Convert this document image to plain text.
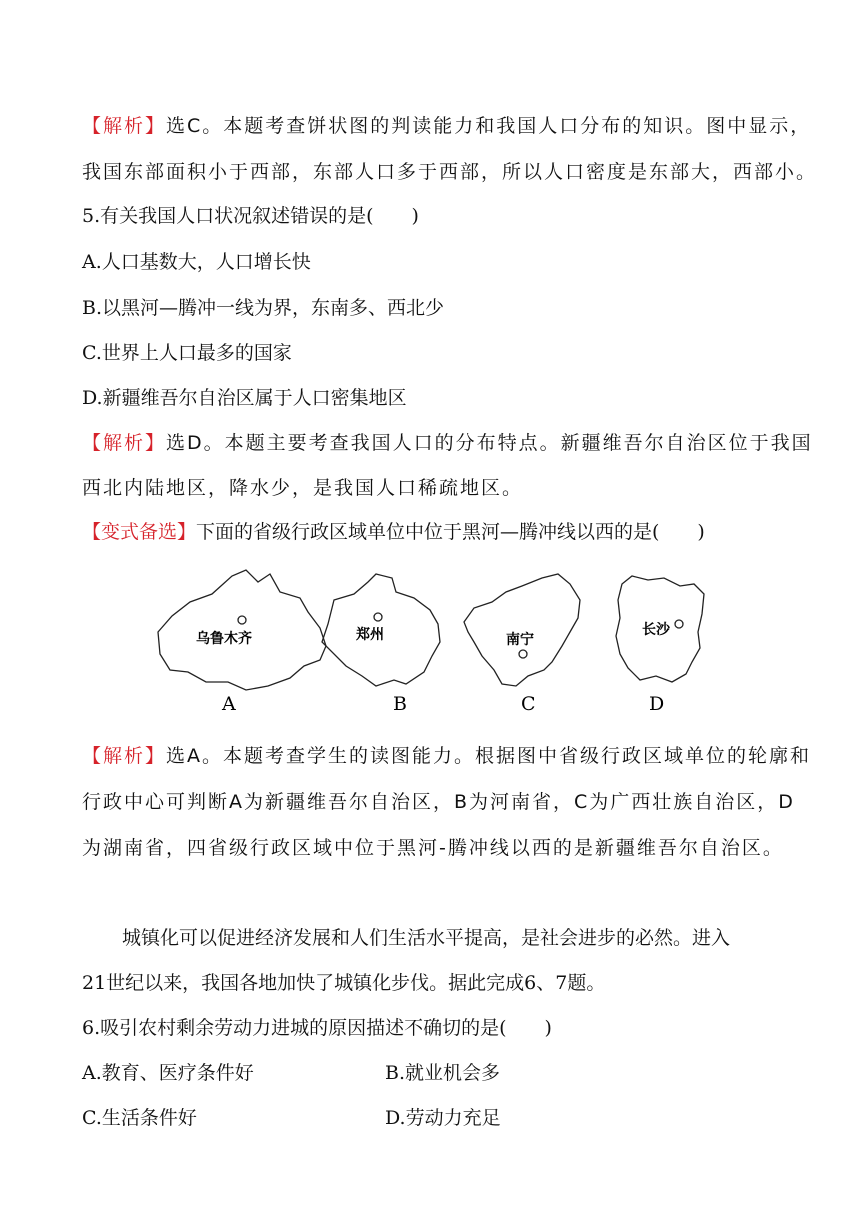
【解析】选C。本题考查饼状图的判读能力和我国人口分布的知识。图中显示，
我国东部面积小于西部，东部人口多于西部，所以人口密度是东部大，西部小。
5.有关我国人口状况叙述错误的是(　　)
A.人口基数大，人口增长快
B.以黑河—腾冲一线为界，东南多、西北少
C.世界上人口最多的国家
D.新疆维吾尔自治区属于人口密集地区
【解析】选D。本题主要考查我国人口的分布特点。新疆维吾尔自治区位于我国
西北内陆地区，降水少，是我国人口稀疏地区。
【变式备选】下面的省级行政区域单位中位于黑河—腾冲线以西的是(　　)
乌鲁木齐
A
郑州
B
南宁
C
长沙
D
【解析】选A。本题考查学生的读图能力。根据图中省级行政区域单位的轮廓和
行政中心可判断A为新疆维吾尔自治区，B为河南省，C为广西壮族自治区，D
为湖南省，四省级行政区域中位于黑河-腾冲线以西的是新疆维吾尔自治区。
城镇化可以促进经济发展和人们生活水平提高，是社会进步的必然。进入
21世纪以来，我国各地加快了城镇化步伐。据此完成6、7题。
6.吸引农村剩余劳动力进城的原因描述不确切的是(　　)
A.教育、医疗条件好	B.就业机会多
C.生活条件好	D.劳动力充足
